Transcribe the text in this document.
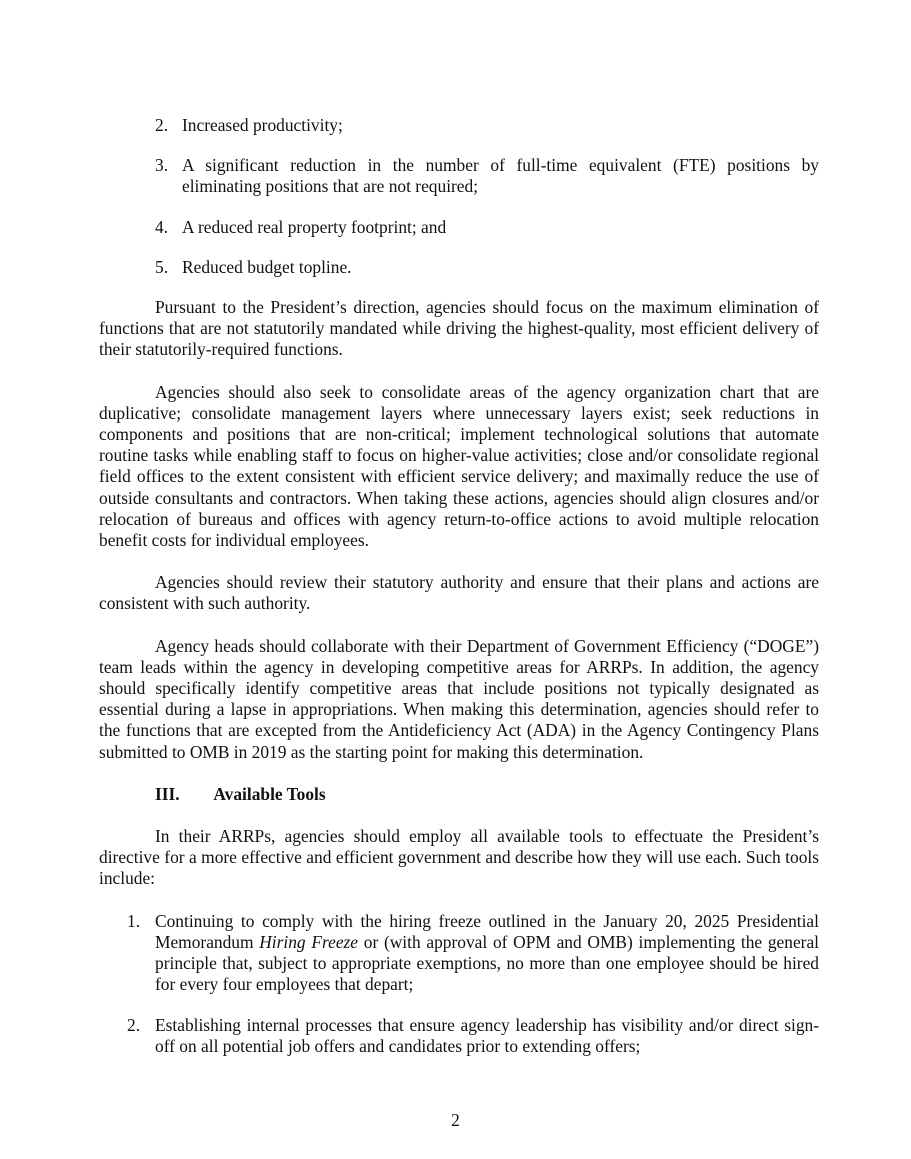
2. Increased productivity;
3. A significant reduction in the number of full-time equivalent (FTE) positions by eliminating positions that are not required;
4. A reduced real property footprint; and
5. Reduced budget topline.

Pursuant to the President’s direction, agencies should focus on the maximum elimination of functions that are not statutorily mandated while driving the highest-quality, most efficient delivery of their statutorily-required functions.

Agencies should also seek to consolidate areas of the agency organization chart that are duplicative; consolidate management layers where unnecessary layers exist; seek reductions in components and positions that are non-critical; implement technological solutions that automate routine tasks while enabling staff to focus on higher-value activities; close and/or consolidate regional field offices to the extent consistent with efficient service delivery; and maximally reduce the use of outside consultants and contractors. When taking these actions, agencies should align closures and/or relocation of bureaus and offices with agency return-to-office actions to avoid multiple relocation benefit costs for individual employees.

Agencies should review their statutory authority and ensure that their plans and actions are consistent with such authority.

Agency heads should collaborate with their Department of Government Efficiency (“DOGE”) team leads within the agency in developing competitive areas for ARRPs. In addition, the agency should specifically identify competitive areas that include positions not typically designated as essential during a lapse in appropriations. When making this determination, agencies should refer to the functions that are excepted from the Antideficiency Act (ADA) in the Agency Contingency Plans submitted to OMB in 2019 as the starting point for making this determination.

III. Available Tools

In their ARRPs, agencies should employ all available tools to effectuate the President’s directive for a more effective and efficient government and describe how they will use each. Such tools include:

1. Continuing to comply with the hiring freeze outlined in the January 20, 2025 Presidential Memorandum Hiring Freeze or (with approval of OPM and OMB) implementing the general principle that, subject to appropriate exemptions, no more than one employee should be hired for every four employees that depart;
2. Establishing internal processes that ensure agency leadership has visibility and/or direct sign-off on all potential job offers and candidates prior to extending offers;
2
